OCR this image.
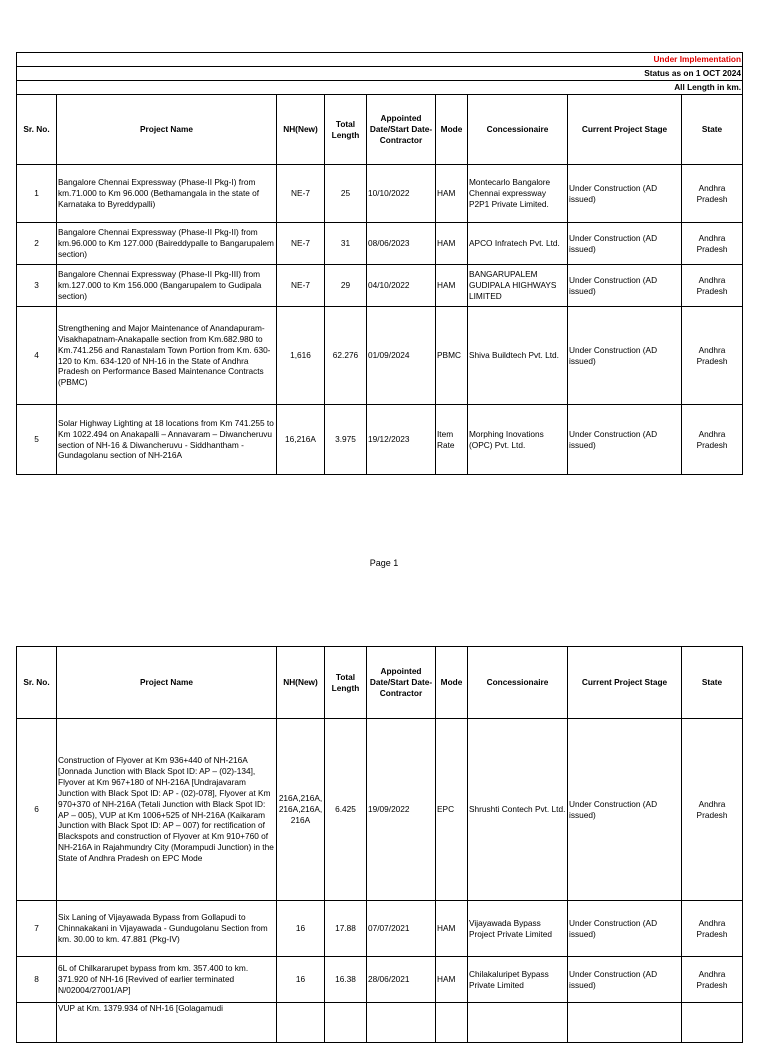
Under Implementation								
Status as on 1 OCT 2024								
All Length in km.								
Sr. No.	Project Name	NH(New)	Total Length	Appointed Date/Start Date-Contractor	Mode	Concessionaire	Current Project Stage	State
1	Bangalore Chennai Expressway (Phase-II Pkg-I) from km.71.000 to Km 96.000 (Bethamangala in the state of Karnataka to Byreddypalli)	NE-7	25	10/10/2022	HAM	Montecarlo Bangalore Chennai expressway P2P1 Private Limited.	Under Construction (AD issued)	Andhra Pradesh
2	Bangalore Chennai Expressway (Phase-II Pkg-II) from km.96.000 to Km 127.000 (Baireddypalle to Bangarupalem section)	NE-7	31	08/06/2023	HAM	APCO Infratech Pvt. Ltd.	Under Construction (AD issued)	Andhra Pradesh
3	Bangalore Chennai Expressway (Phase-II Pkg-III) from km.127.000 to Km 156.000 (Bangarupalem to Gudipala section)	NE-7	29	04/10/2022	HAM	BANGARUPALEM GUDIPALA HIGHWAYS LIMITED	Under Construction (AD issued)	Andhra Pradesh
4	Strengthening and Major Maintenance of Anandapuram-Visakhapatnam-Anakapalle section from Km.682.980 to Km.741.256 and Ranastalam Town Portion from Km. 630-120 to Km. 634-120 of NH-16 in the State of Andhra Pradesh on Performance Based Maintenance Contracts (PBMC)	1,616	62.276	01/09/2024	PBMC	Shiva Buildtech Pvt. Ltd.	Under Construction (AD issued)	Andhra Pradesh
5	Solar Highway Lighting at 18 locations from Km 741.255 to Km 1022.494 on Anakapalli – Annavaram – Diwancheruvu section of NH-16 & Diwancheruvu - Siddhantham - Gundagolanu section of NH-216A	16,216A	3.975	19/12/2023	Item Rate	Morphing Inovations (OPC) Pvt. Ltd.	Under Construction (AD issued)	Andhra Pradesh
Page 1
Sr. No.	Project Name	NH(New)	Total Length	Appointed Date/Start Date-Contractor	Mode	Concessionaire	Current Project Stage	State
6	Construction of Flyover at Km 936+440 of NH-216A [Jonnada Junction with Black Spot ID: AP – (02)-134], Flyover at Km 967+180 of NH-216A [Undrajavaram Junction with Black Spot ID: AP - (02)-078], Flyover at Km 970+370 of NH-216A (Tetali Junction with Black Spot ID: AP – 005), VUP at Km 1006+525 of NH-216A (Kaikaram Junction with Black Spot ID: AP – 007) for rectification of Blackspots and construction of Flyover at Km 910+760 of NH-216A in Rajahmundry City (Morampudi Junction) in the State of Andhra Pradesh on EPC Mode	216A,216A,216A,216A,216A	6.425	19/09/2022	EPC	Shrushti Contech Pvt. Ltd.	Under Construction (AD issued)	Andhra Pradesh
7	Six Laning of Vijayawada Bypass from Gollapudi to Chinnakakani in Vijayawada - Gundugolanu Section from km. 30.00 to km. 47.881 (Pkg-IV)	16	17.88	07/07/2021	HAM	Vijayawada Bypass Project Private Limited	Under Construction (AD issued)	Andhra Pradesh
8	6L of Chilkararupet bypass from km. 357.400 to km. 371.920 of NH-16 [Revived of earlier terminated N/02004/27001/AP]	16	16.38	28/06/2021	HAM	Chilakaluripet Bypass Private Limited	Under Construction (AD issued)	Andhra Pradesh
	VUP at Km. 1379.934 of NH-16 [Golagamudi							
